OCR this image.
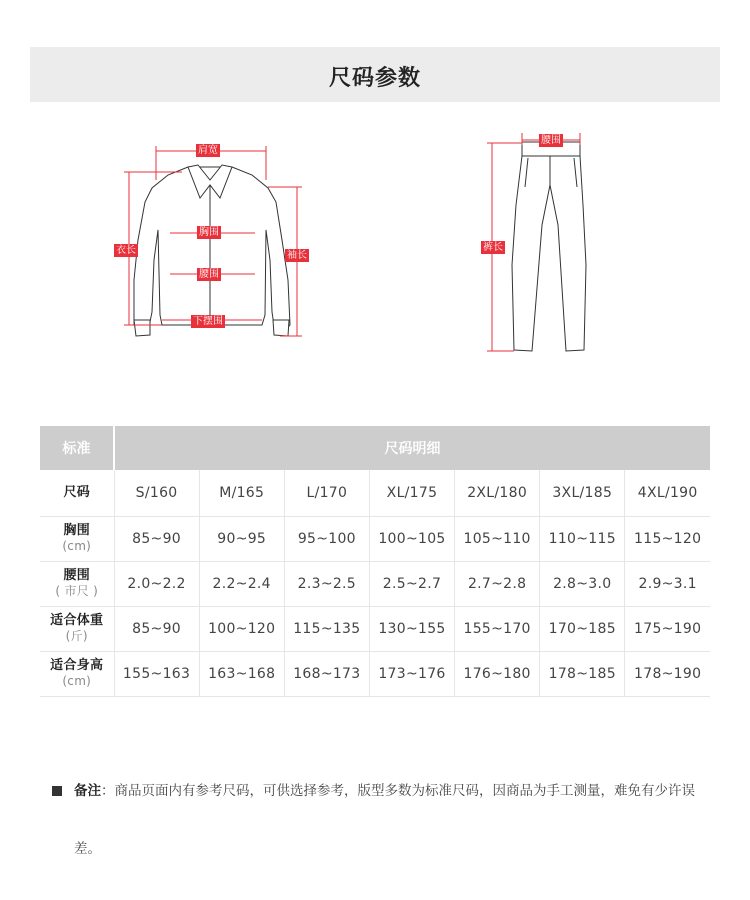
尺码参数
肩宽
衣长
胸围
腰围
下摆围
袖长
腰围
裤长
标准	尺码明细						
尺码	S/160	M/165	L/170	XL/175	2XL/180	3XL/185	4XL/190
胸围
(cm)	85~90	90~95	95~100	100~105	105~110	110~115	115~120
腰围
( 市尺 )	2.0~2.2	2.2~2.4	2.3~2.5	2.5~2.7	2.7~2.8	2.8~3.0	2.9~3.1
适合体重
(斤)	85~90	100~120	115~135	130~155	155~170	170~185	175~190
适合身高
(cm)	155~163	163~168	168~173	173~176	176~180	178~185	178~190
备注：商品页面内有参考尺码，可供选择参考，版型多数为标准尺码，因商品为手工测量，难免有少许误差。
